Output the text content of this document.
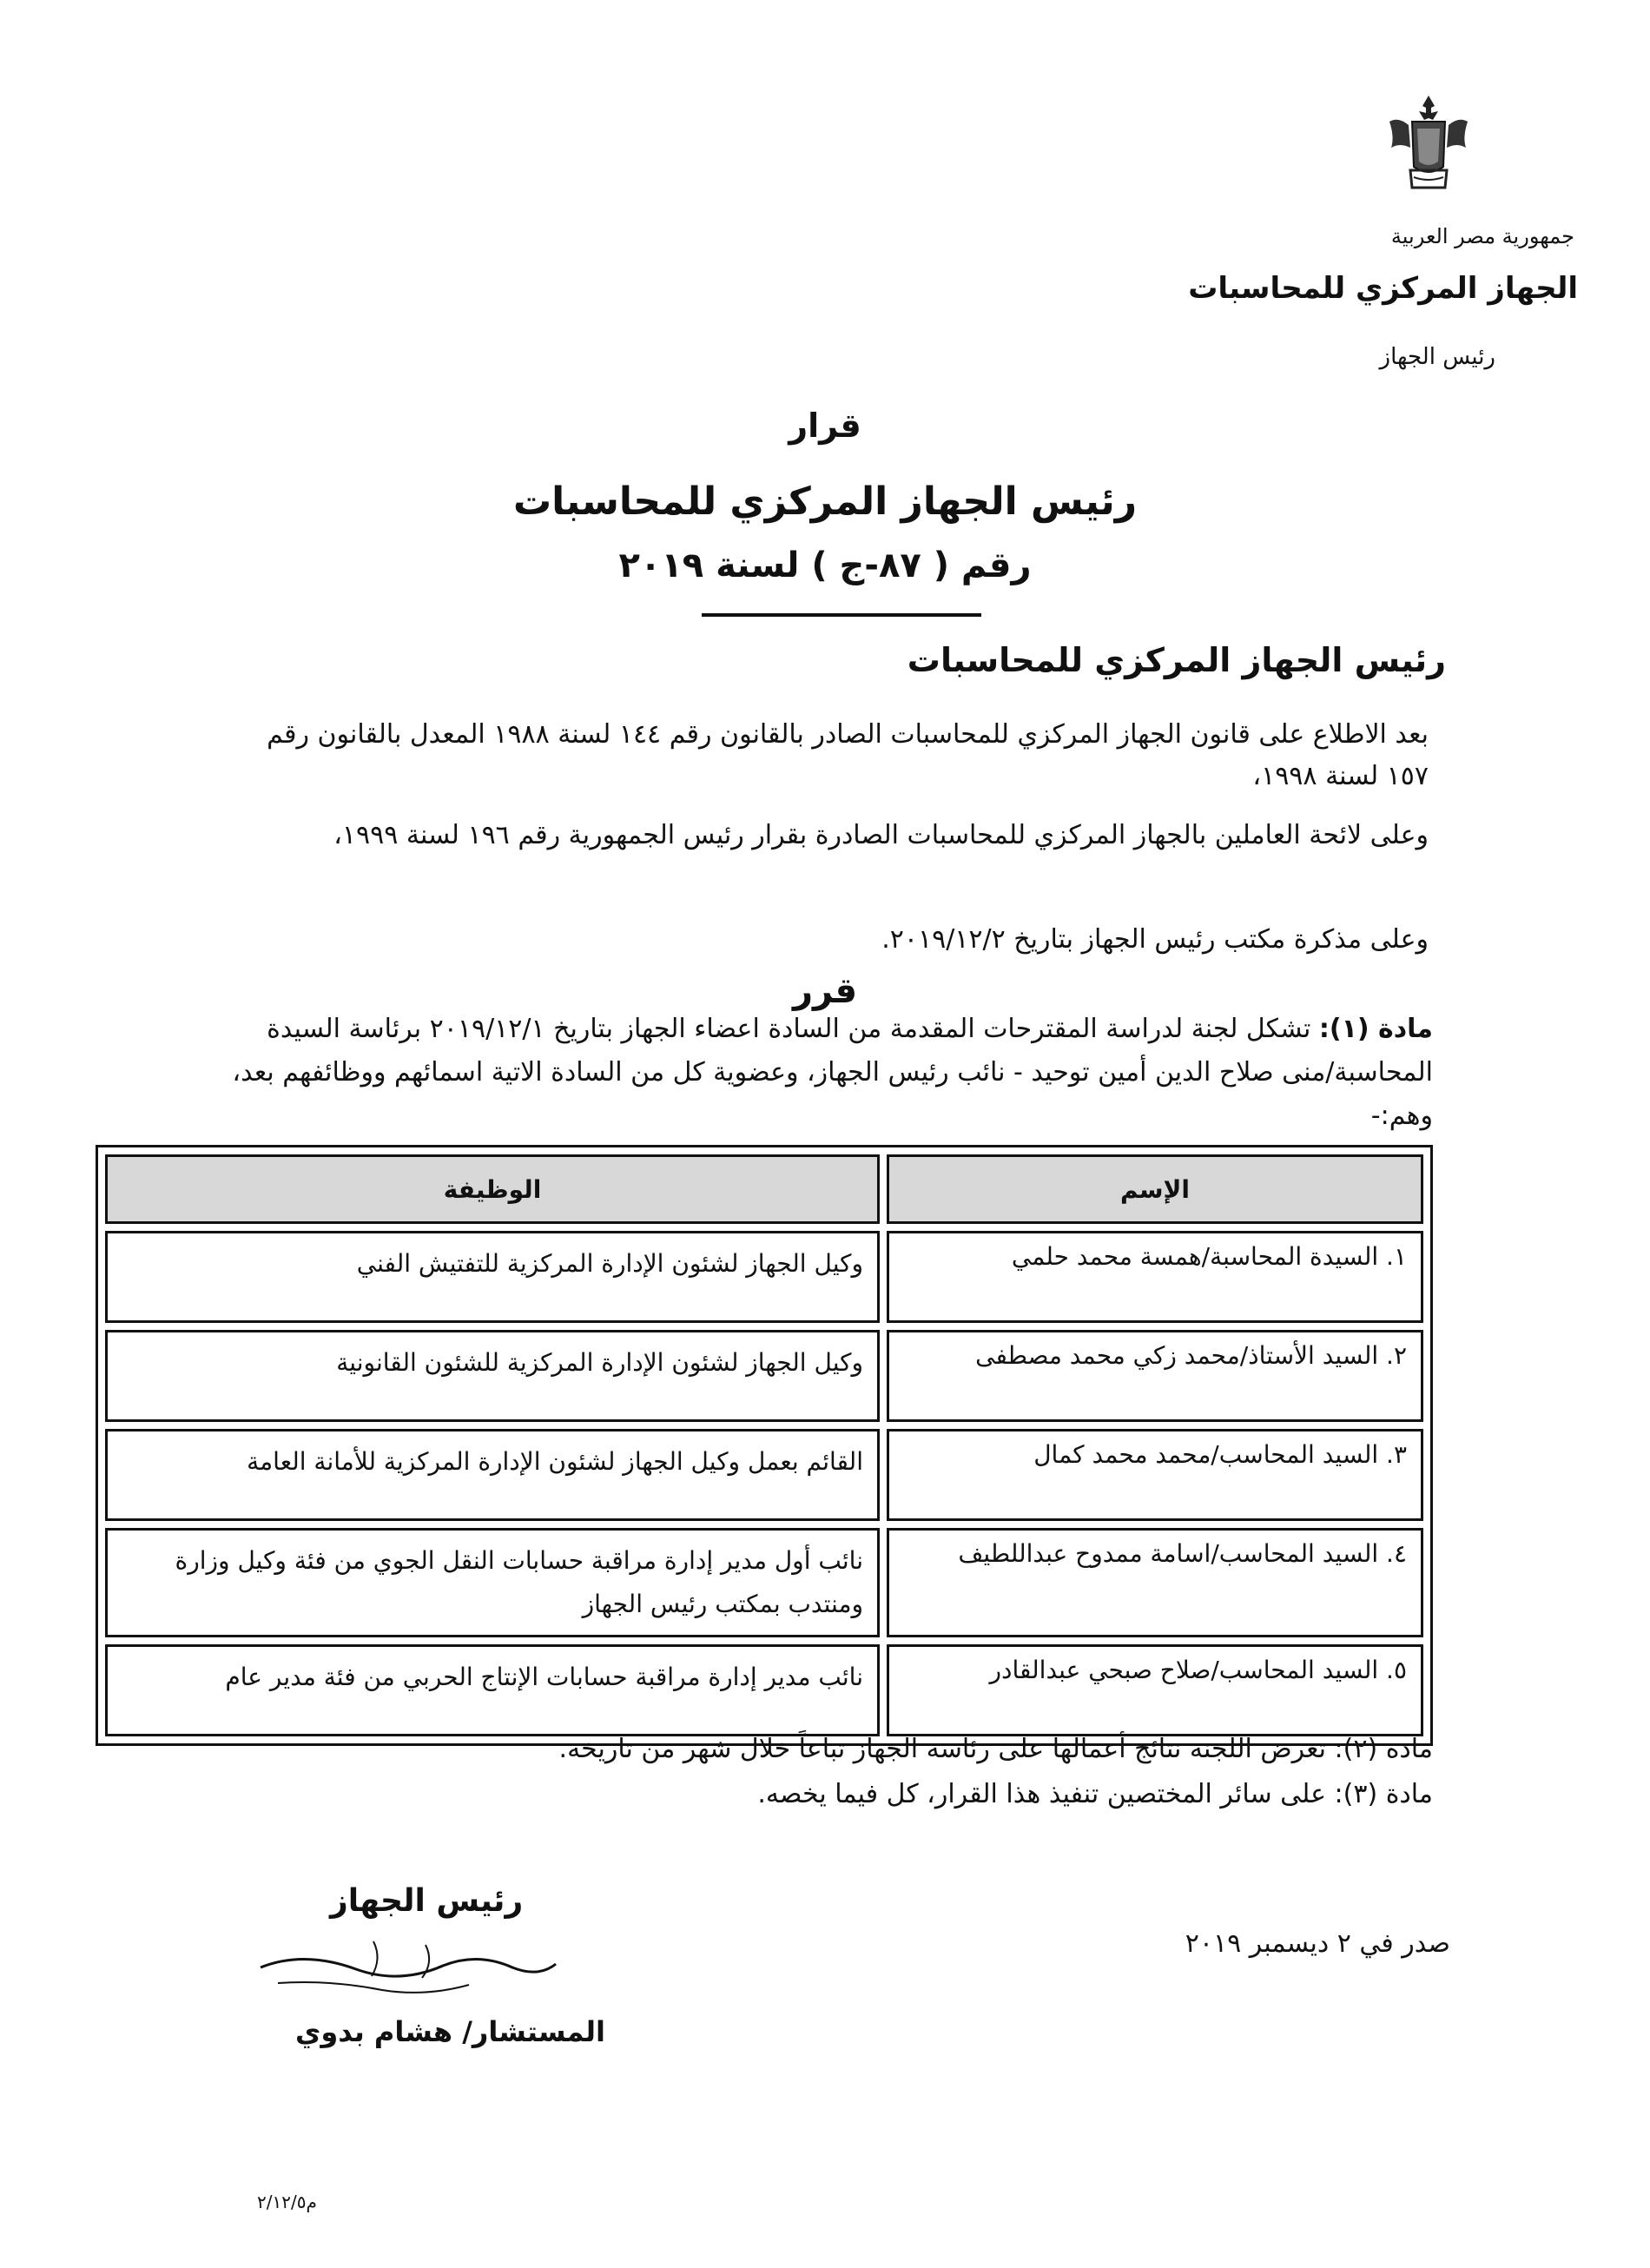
جمهورية مصر العربية
الجهاز المركزي للمحاسبات
رئيس الجهاز
قرار
رئيس الجهاز المركزي للمحاسبات
رقم ( ٨٧-ج ) لسنة ٢٠١٩
رئيس الجهاز المركزي للمحاسبات
بعد الاطلاع على قانون الجهاز المركزي للمحاسبات الصادر بالقانون رقم ١٤٤ لسنة ١٩٨٨ المعدل بالقانون رقم ١٥٧ لسنة ١٩٩٨،
وعلى لائحة العاملين بالجهاز المركزي للمحاسبات الصادرة بقرار رئيس الجمهورية رقم ١٩٦ لسنة ١٩٩٩،
وعلى مذكرة مكتب رئيس الجهاز بتاريخ ٢٠١٩/١٢/٢.
قرر
مادة (١): تشكل لجنة لدراسة المقترحات المقدمة من السادة اعضاء الجهاز بتاريخ ٢٠١٩/١٢/١ برئاسة السيدة المحاسبة/منى صلاح الدين أمين توحيد - نائب رئيس الجهاز، وعضوية كل من السادة الاتية اسمائهم ووظائفهم بعد، وهم:-
الإسم	الوظيفة
١. السيدة المحاسبة/همسة محمد حلمي	وكيل الجهاز لشئون الإدارة المركزية للتفتيش الفني
٢. السيد الأستاذ/محمد زكي محمد مصطفى	وكيل الجهاز لشئون الإدارة المركزية للشئون القانونية
٣. السيد المحاسب/محمد محمد كمال	القائم بعمل وكيل الجهاز لشئون الإدارة المركزية للأمانة العامة
٤. السيد المحاسب/اسامة ممدوح عبداللطيف	نائب أول مدير إدارة مراقبة حسابات النقل الجوي من فئة وكيل وزارة ومنتدب بمكتب رئيس الجهاز
٥. السيد المحاسب/صلاح صبحي عبدالقادر	نائب مدير إدارة مراقبة حسابات الإنتاج الحربي من فئة مدير عام
مادة (٢): تعرض اللجنة نتائج أعمالها على رئاسة الجهاز تباعاً خلال شهر من تاريخه.
مادة (٣): على سائر المختصين تنفيذ هذا القرار، كل فيما يخصه.
رئيس الجهاز
المستشار/ هشام بدوي
صدر في ٢ ديسمبر ٢٠١٩
م٢/١٢/٥
